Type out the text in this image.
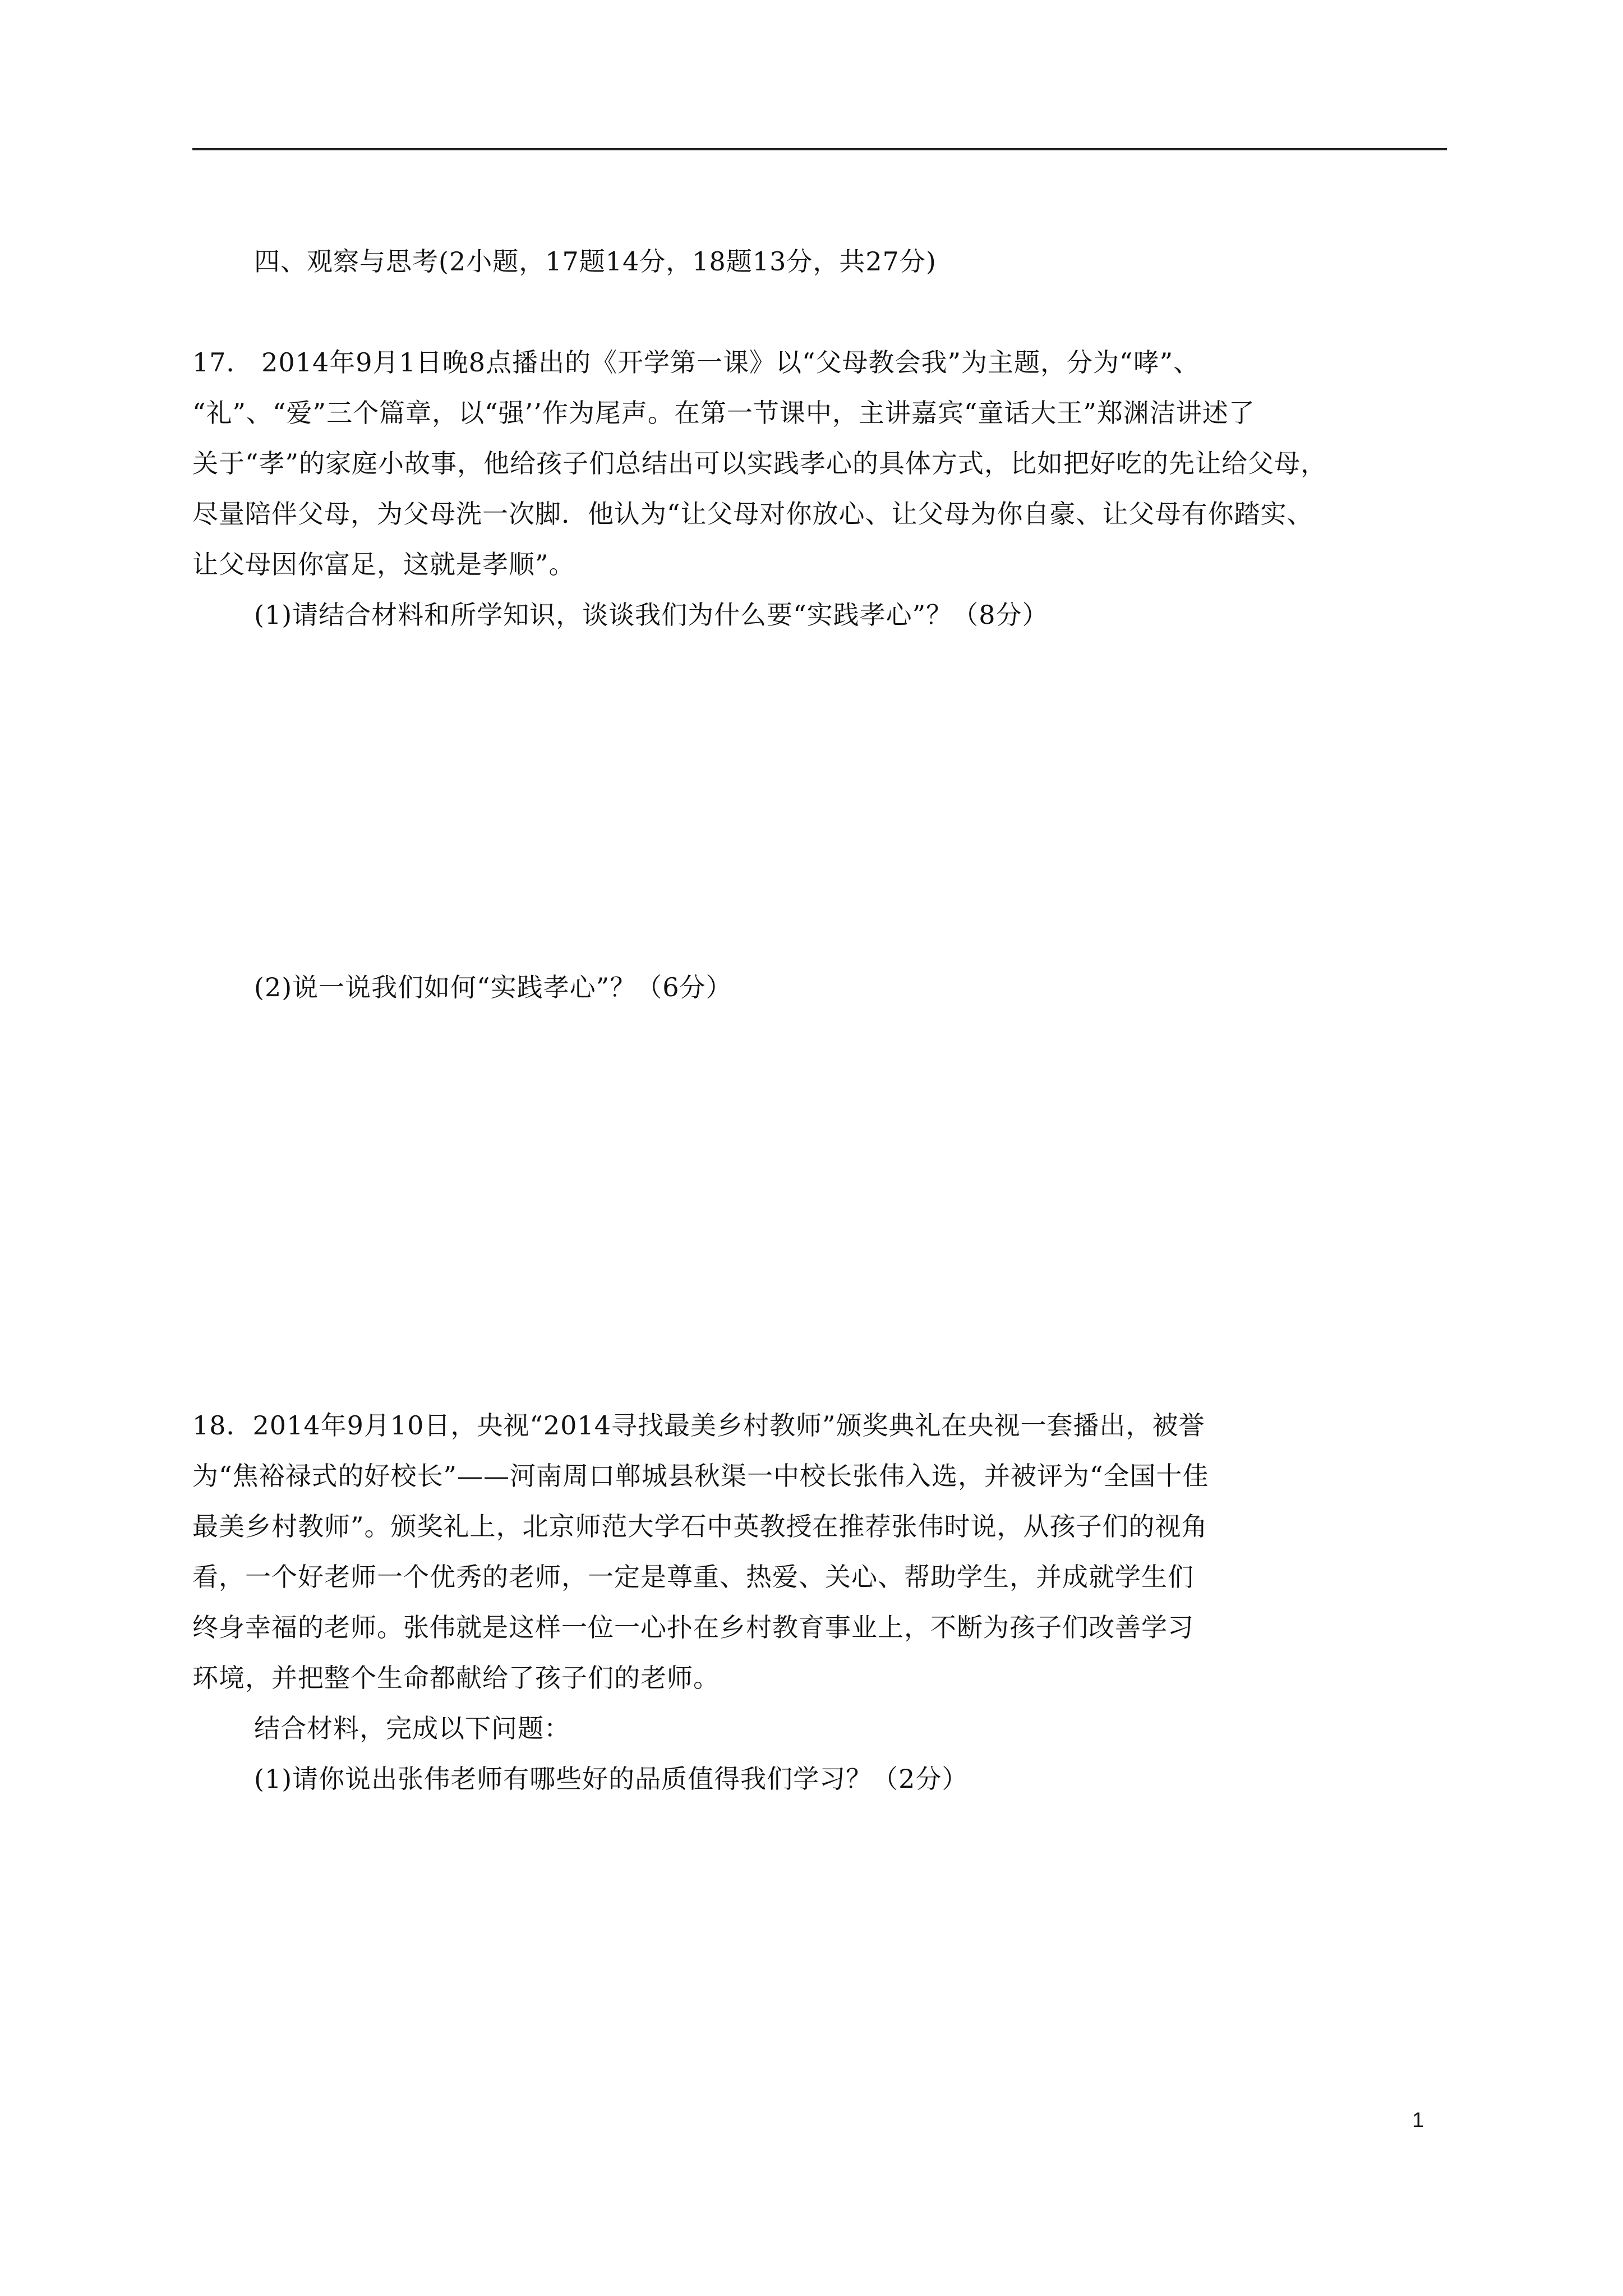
四、观察与思考(2小题，17题14分，18题13分，共27分)
17． 2014年9月1日晚8点播出的《开学第一课》以“父母教会我”为主题，分为“哮”、
“礼”、“爱”三个篇章，以“强’’作为尾声。在第一节课中，主讲嘉宾“童话大王”郑渊洁讲述了
关于“孝”的家庭小故事，他给孩子们总结出可以实践孝心的具体方式，比如把好吃的先让给父母，
尽量陪伴父母，为父母洗一次脚．他认为“让父母对你放心、让父母为你自豪、让父母有你踏实、
让父母因你富足，这就是孝顺”。
(1)请结合材料和所学知识，谈谈我们为什么要“实践孝心”？（8分）
(2)说一说我们如何“实践孝心”？（6分）
18．2014年9月10日，央视“2014寻找最美乡村教师”颁奖典礼在央视一套播出，被誉
为“焦裕禄式的好校长”——河南周口郸城县秋渠一中校长张伟入选，并被评为“全国十佳
最美乡村教师”。颁奖礼上，北京师范大学石中英教授在推荐张伟时说，从孩子们的视角
看，一个好老师一个优秀的老师，一定是尊重、热爱、关心、帮助学生，并成就学生们
终身幸福的老师。张伟就是这样一位一心扑在乡村教育事业上，不断为孩子们改善学习
环境，并把整个生命都献给了孩子们的老师。
结合材料，完成以下问题：
(1)请你说出张伟老师有哪些好的品质值得我们学习？（2分）
1
